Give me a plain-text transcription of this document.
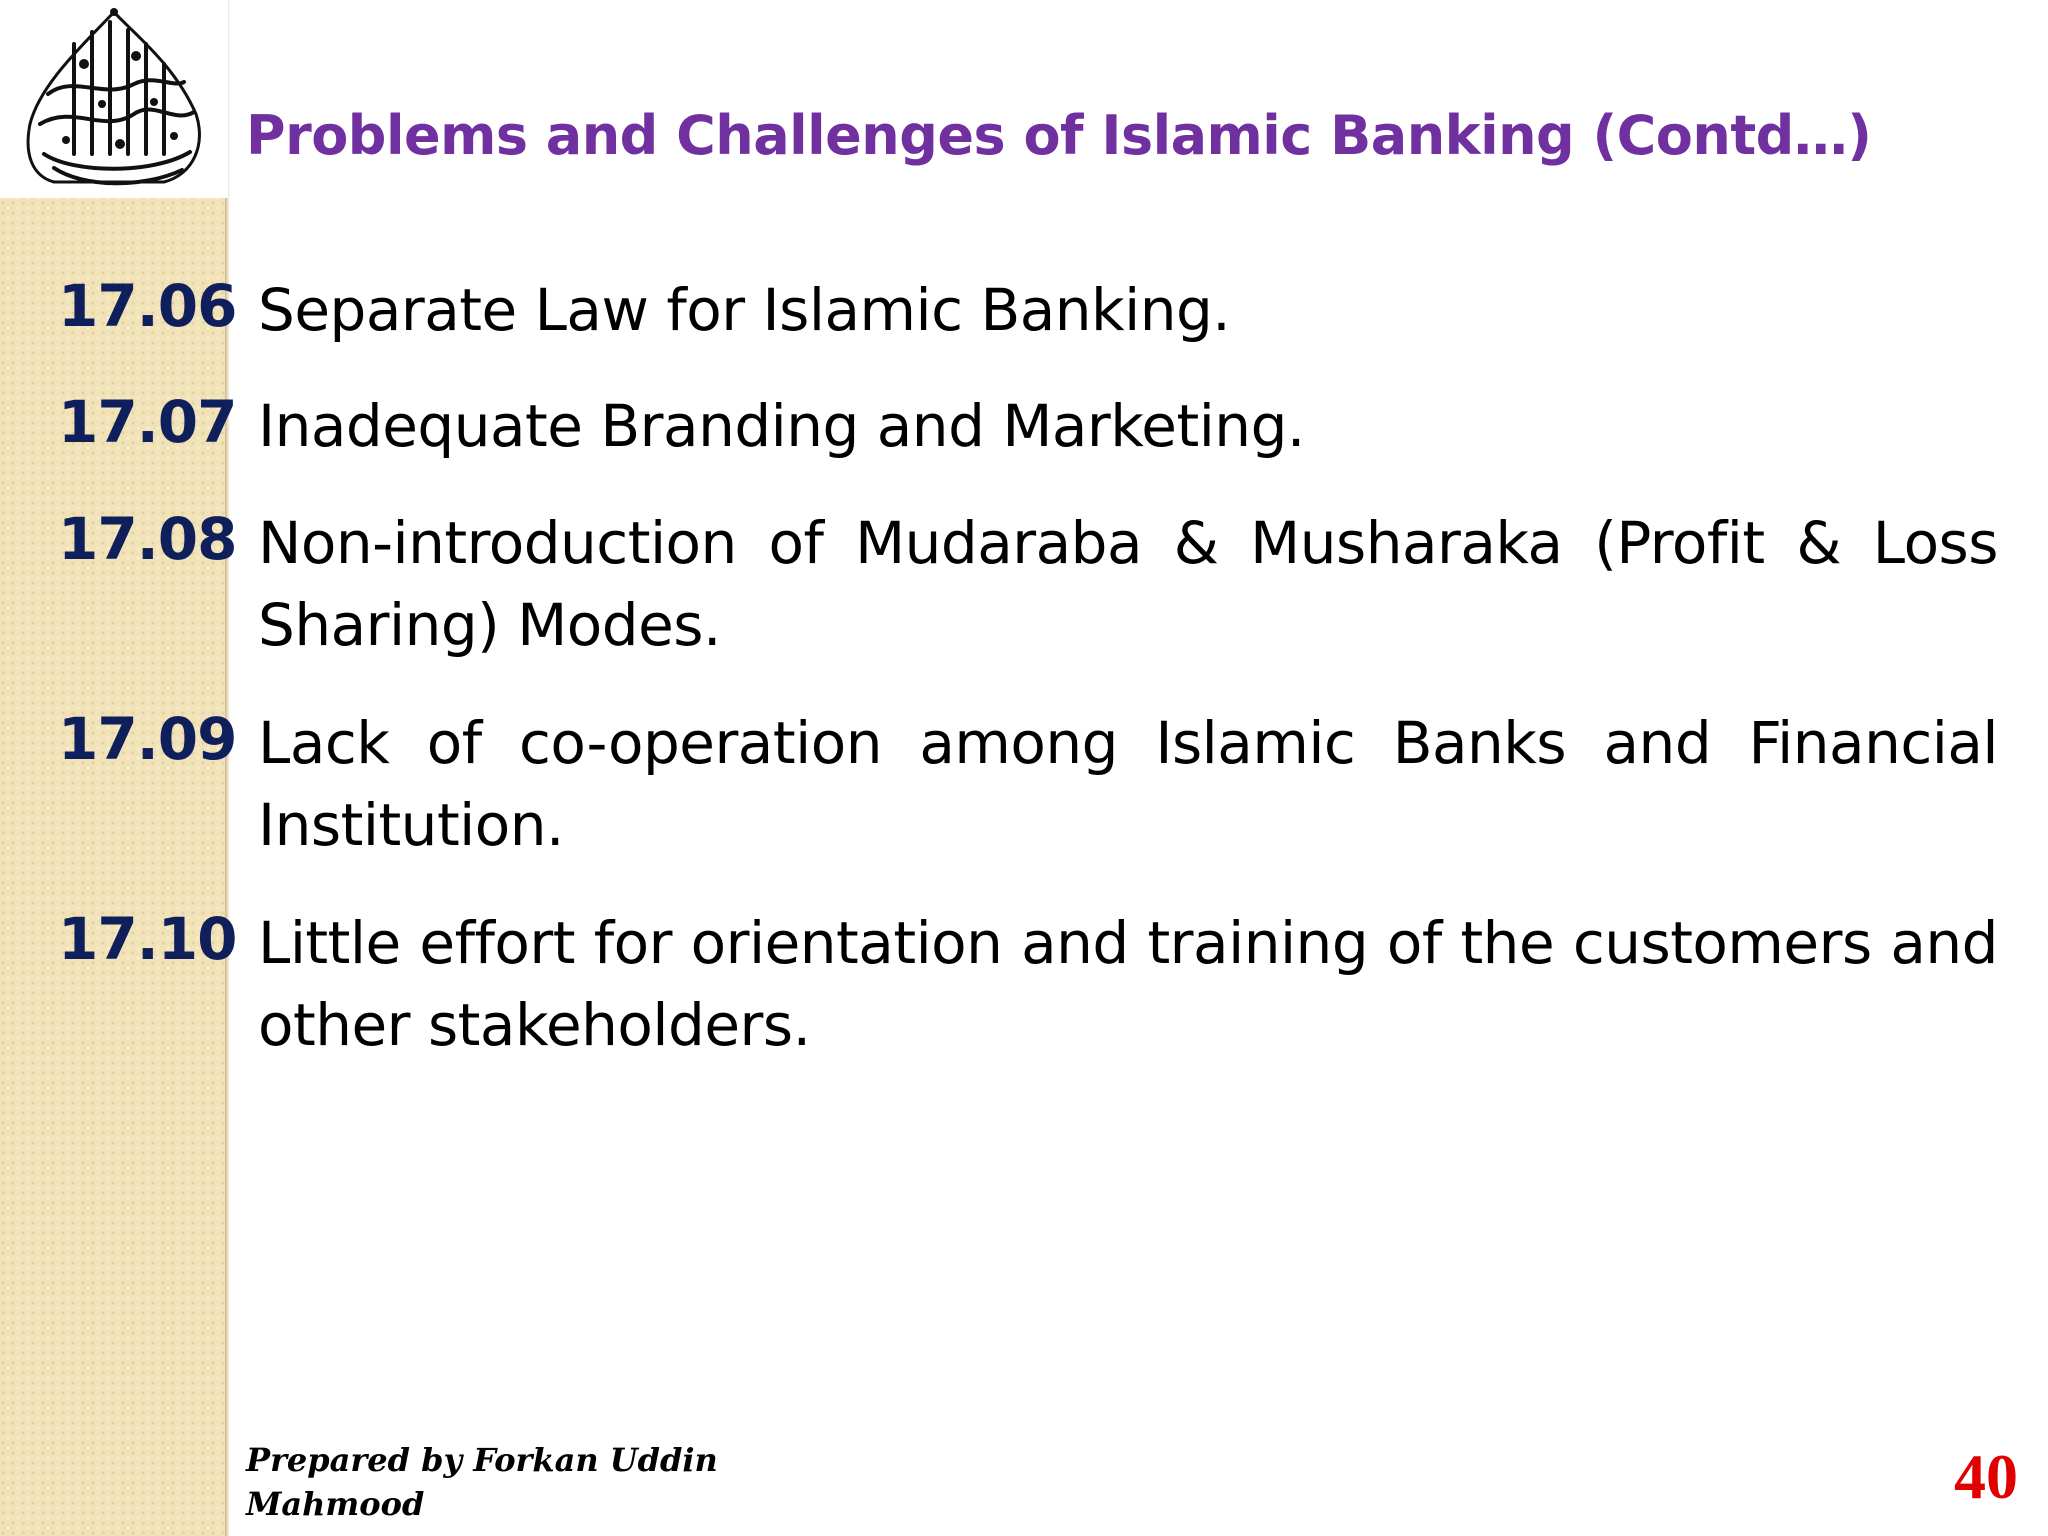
Problems and Challenges of Islamic Banking (Contd…)
17.06 Separate Law for Islamic Banking.
17.07 Inadequate Branding and Marketing.
17.08 Non-introduction of Mudaraba & Musharaka (Profit & Loss Sharing) Modes.
17.09 Lack of co-operation among Islamic Banks and Financial Institution.
17.10 Little effort for orientation and training of the customers and other stakeholders.
Prepared by Forkan Uddin Mahmood	40
